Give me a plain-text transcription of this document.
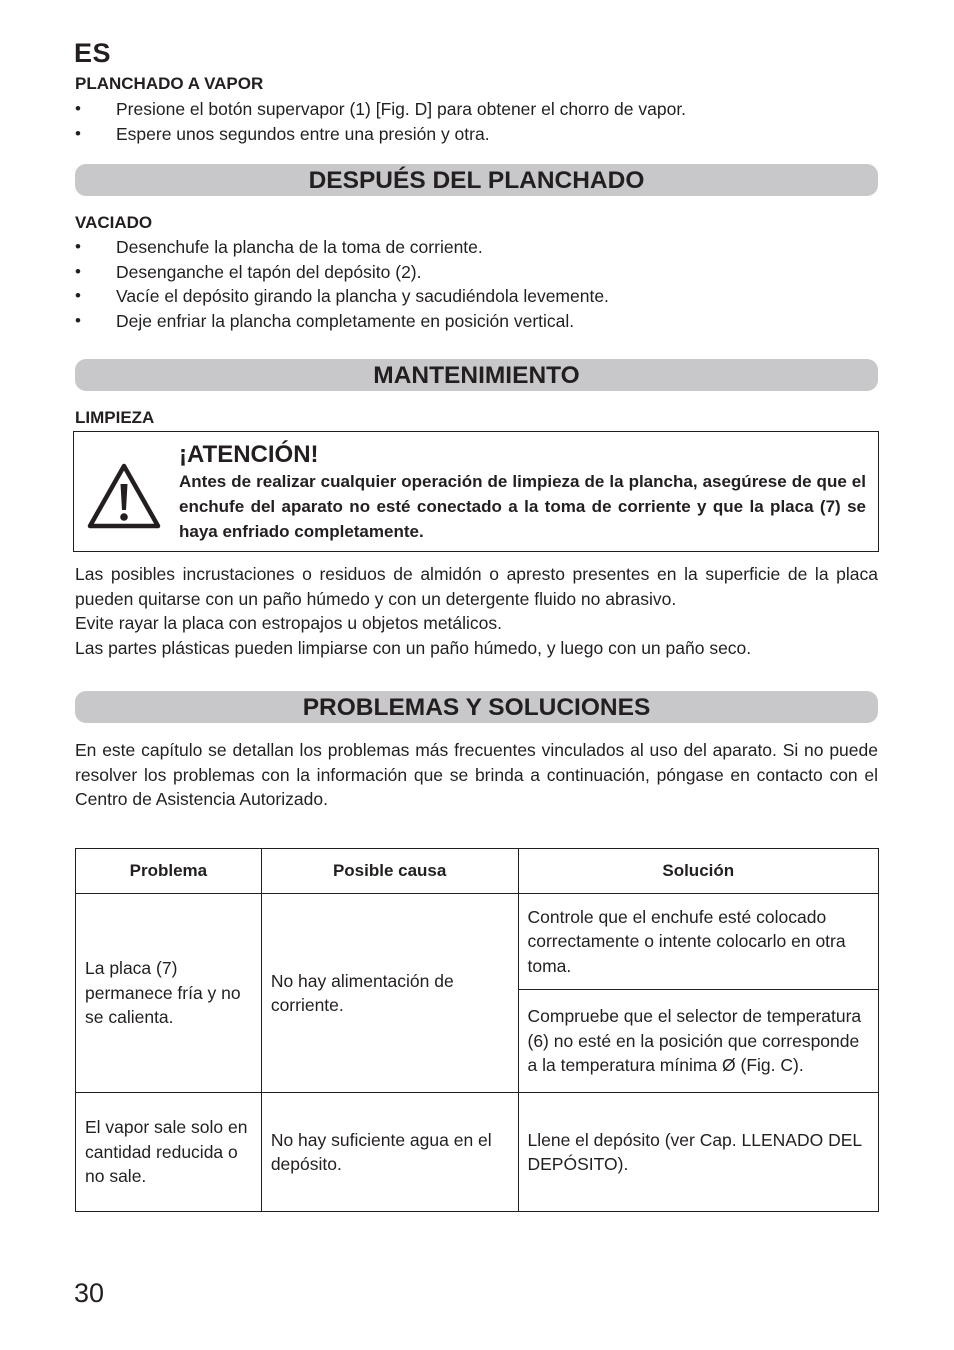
ES
PLANCHADO A VAPOR
• Presione el botón supervapor (1) [Fig. D] para obtener el chorro de vapor.
• Espere unos segundos entre una presión y otra.
DESPUÉS DEL PLANCHADO
VACIADO
• Desenchufe la plancha de la toma de corriente.
• Desenganche el tapón del depósito (2).
• Vacíe el depósito girando la plancha y sacudiéndola levemente.
• Deje enfriar la plancha completamente en posición vertical.
MANTENIMIENTO
LIMPIEZA
¡ATENCIÓN!
Antes de realizar cualquier operación de limpieza de la plancha, asegúrese de que el enchufe del aparato no esté conectado a la toma de corriente y que la placa (7) se haya enfriado completamente.

Las posibles incrustaciones o residuos de almidón o apresto presentes en la superficie de la placa pueden quitarse con un paño húmedo y con un detergente fluido no abrasivo.

Evite rayar la placa con estropajos u objetos metálicos.

Las partes plásticas pueden limpiarse con un paño húmedo, y luego con un paño seco.

PROBLEMAS Y SOLUCIONES

En este capítulo se detallan los problemas más frecuentes vinculados al uso del aparato. Si no puede resolver los problemas con la información que se brinda a continuación, póngase en contacto con el Centro de Asistencia Autorizado.

Problema	Posible causa	Solución
La placa (7) permanece fría y no se calienta.	No hay alimentación de corriente.	Controle que el enchufe esté colocado correctamente o intente colocarlo en otra toma.
		Compruebe que el selector de temperatura (6) no esté en la posición que corresponde a la temperatura mínima Ø (Fig. C).
El vapor sale solo en cantidad reducida o no sale.	No hay suficiente agua en el depósito.	Llene el depósito (ver Cap. LLENADO DEL DEPÓSITO).
30
